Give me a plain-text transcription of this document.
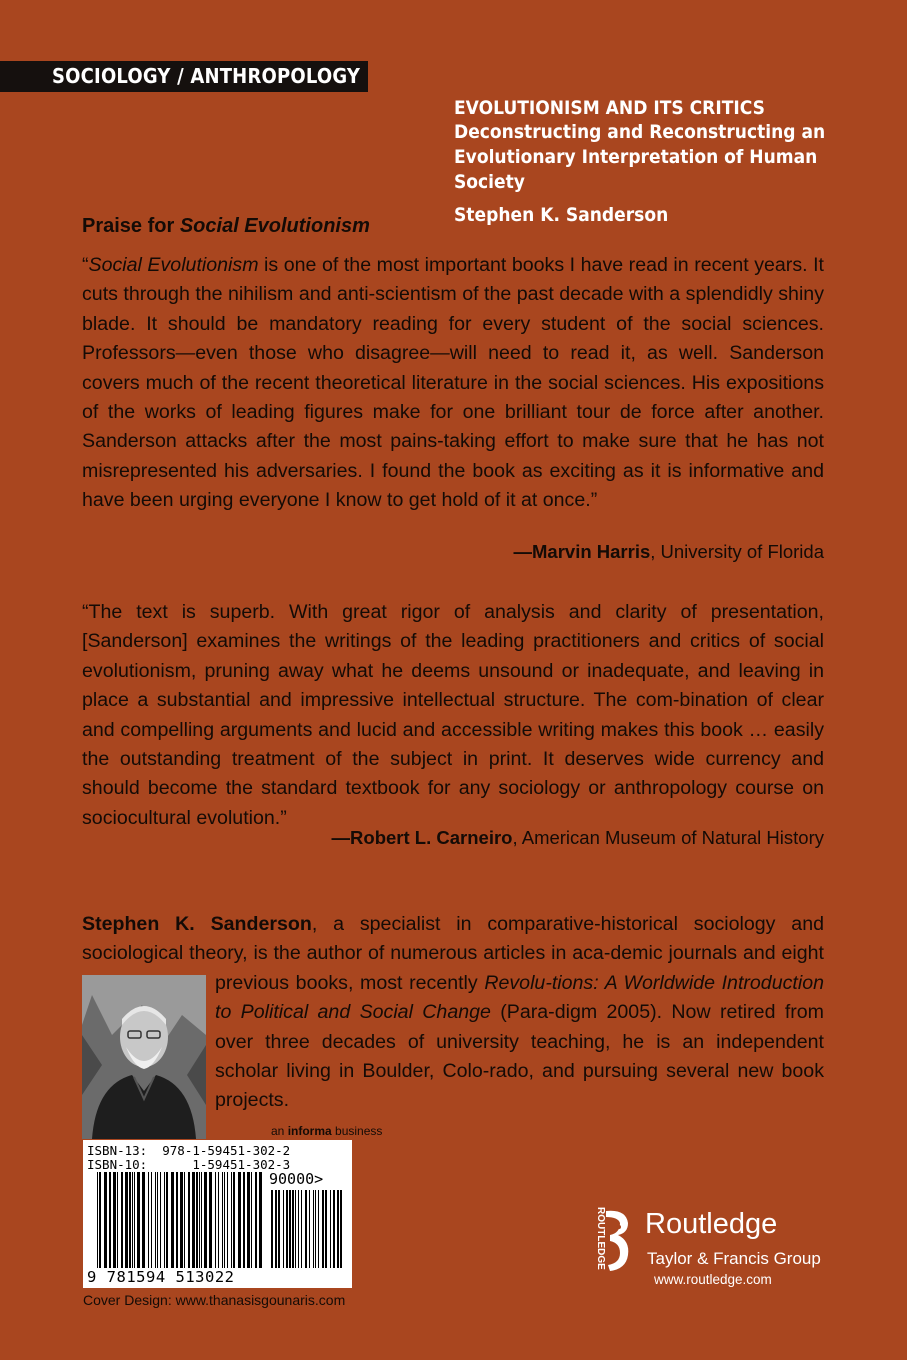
SOCIOLOGY / ANTHROPOLOGY
EVOLUTIONISM AND ITS CRITICS
Deconstructing and Reconstructing an
Evolutionary Interpretation of Human Society
Stephen K. Sanderson
Praise for Social Evolutionism
“Social Evolutionism is one of the most important books I have read in recent years. It cuts through the nihilism and anti-scientism of the past decade with a splendidly shiny blade. It should be mandatory reading for every student of the social sciences. Professors—even those who disagree—will need to read it, as well. Sanderson covers much of the recent theoretical literature in the social sciences. His expositions of the works of leading figures make for one brilliant tour de force after another. Sanderson attacks after the most pains-taking effort to make sure that he has not misrepresented his adversaries. I found the book as exciting as it is informative and have been urging everyone I know to get hold of it at once.”
—Marvin Harris, University of Florida
“The text is superb. With great rigor of analysis and clarity of presentation, [Sanderson] examines the writings of the leading practitioners and critics of social evolutionism, pruning away what he deems unsound or inadequate, and leaving in place a substantial and impressive intellectual structure. The com-bination of clear and compelling arguments and lucid and accessible writing makes this book … easily the outstanding treatment of the subject in print. It deserves wide currency and should become the standard textbook for any sociology or anthropology course on sociocultural evolution.”
—Robert L. Carneiro, American Museum of Natural History
Stephen K. Sanderson, a specialist in comparative-historical sociology and sociological theory, is the author of numerous articles in aca-demic journals and eight previous books, most recently
Revolu-tions: A Worldwide Introduction to Political and Social Change (Para-digm 2005). Now retired from over three decades of university teaching, he is an independent scholar living in Boulder, Colo-rado, and pursuing several new book projects.
an informa business
ISBN-13:  978-1-59451-302-2
ISBN-10:      1-59451-302-3
90000>
9 781594 513022
Cover Design: www.thanasisgounaris.com
ROUTLEDGE Routledge
Taylor & Francis Group
www.routledge.com
